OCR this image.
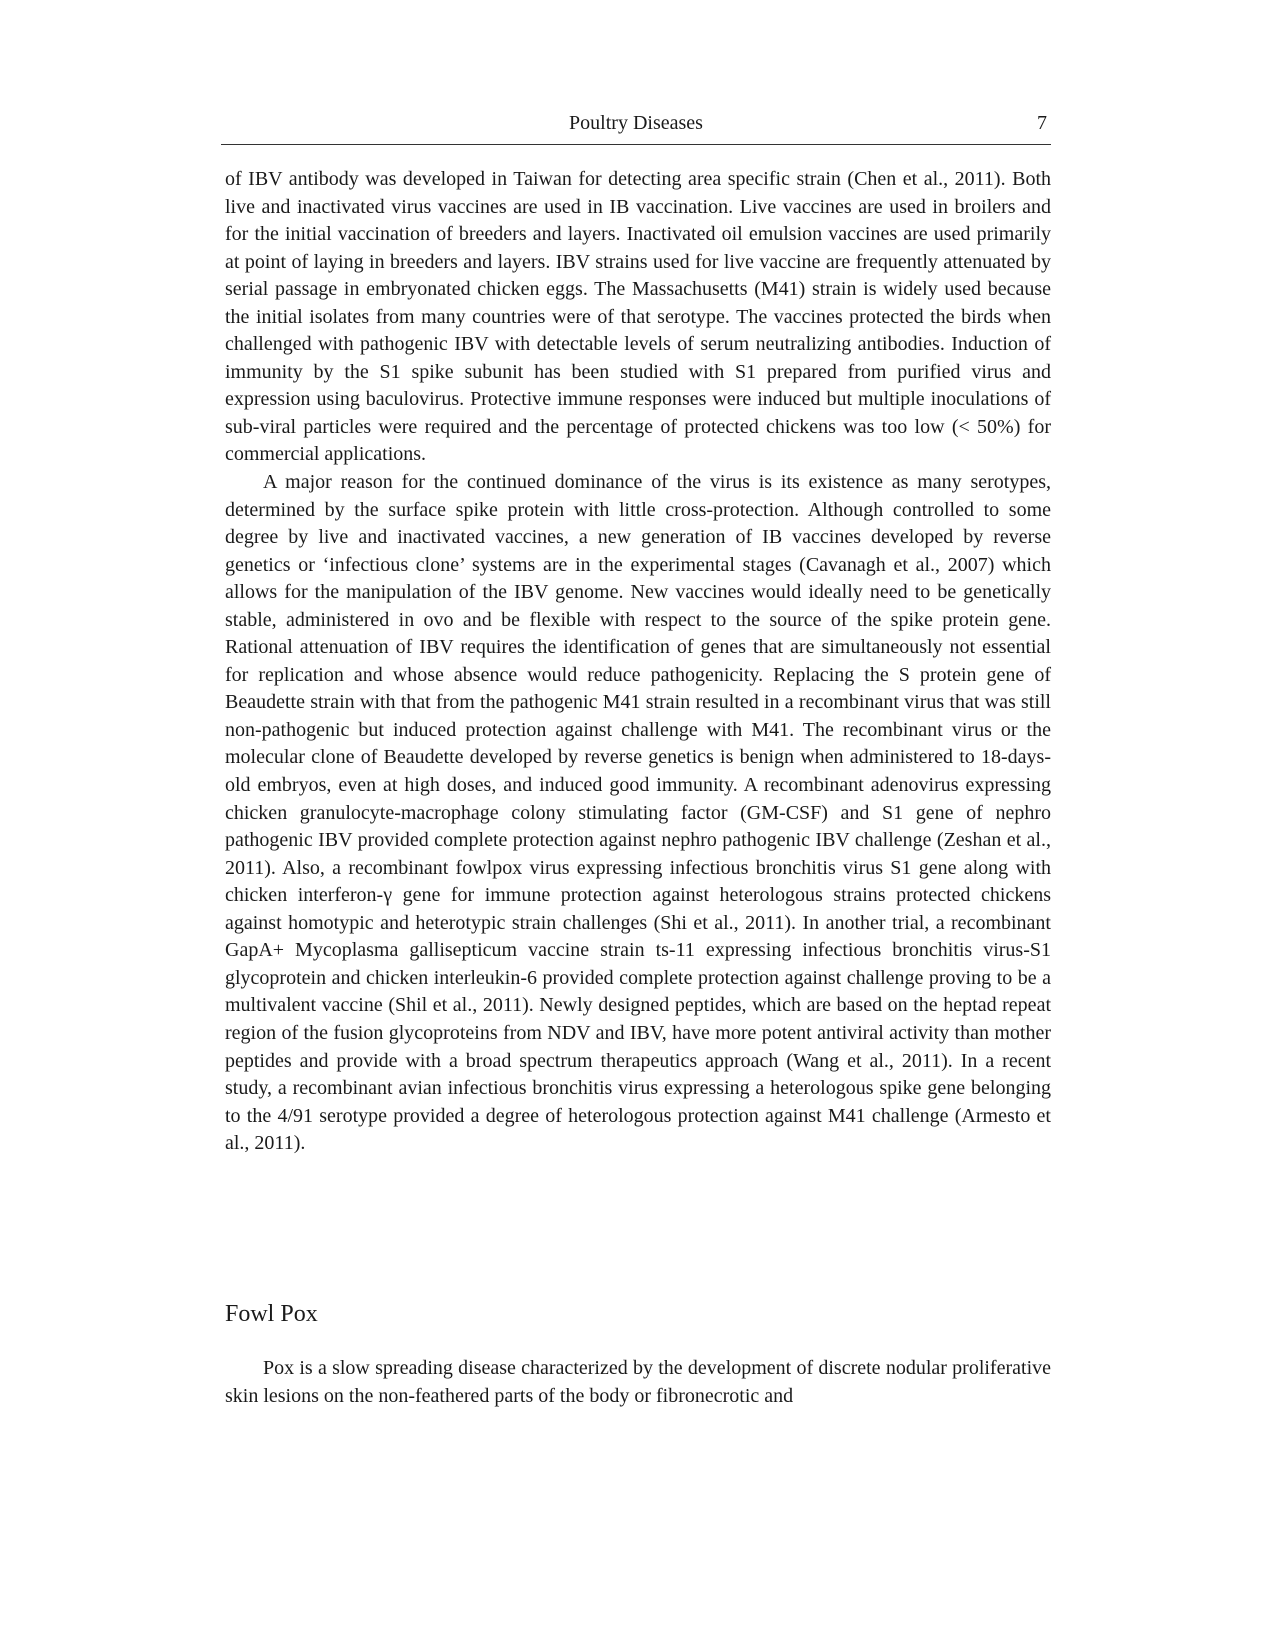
Poultry Diseases	7

of IBV antibody was developed in Taiwan for detecting area specific strain (Chen et al., 2011). Both live and inactivated virus vaccines are used in IB vaccination. Live vaccines are used in broilers and for the initial vaccination of breeders and layers. Inactivated oil emulsion vaccines are used primarily at point of laying in breeders and layers. IBV strains used for live vaccine are frequently attenuated by serial passage in embryonated chicken eggs. The Massachusetts (M41) strain is widely used because the initial isolates from many countries were of that serotype. The vaccines protected the birds when challenged with pathogenic IBV with detectable levels of serum neutralizing antibodies. Induction of immunity by the S1 spike subunit has been studied with S1 prepared from purified virus and expression using baculovirus. Protective immune responses were induced but multiple inoculations of sub-viral particles were required and the percentage of protected chickens was too low (< 50%) for commercial applications.

A major reason for the continued dominance of the virus is its existence as many serotypes, determined by the surface spike protein with little cross-protection. Although controlled to some degree by live and inactivated vaccines, a new generation of IB vaccines developed by reverse genetics or ‘infectious clone’ systems are in the experimental stages (Cavanagh et al., 2007) which allows for the manipulation of the IBV genome. New vaccines would ideally need to be genetically stable, administered in ovo and be flexible with respect to the source of the spike protein gene. Rational attenuation of IBV requires the identification of genes that are simultaneously not essential for replication and whose absence would reduce pathogenicity. Replacing the S protein gene of Beaudette strain with that from the pathogenic M41 strain resulted in a recombinant virus that was still non-pathogenic but induced protection against challenge with M41. The recombinant virus or the molecular clone of Beaudette developed by reverse genetics is benign when administered to 18-days-old embryos, even at high doses, and induced good immunity. A recombinant adenovirus expressing chicken granulocyte-macrophage colony stimulating factor (GM-CSF) and S1 gene of nephro pathogenic IBV provided complete protection against nephro pathogenic IBV challenge (Zeshan et al., 2011). Also, a recombinant fowlpox virus expressing infectious bronchitis virus S1 gene along with chicken interferon-γ gene for immune protection against heterologous strains protected chickens against homotypic and heterotypic strain challenges (Shi et al., 2011). In another trial, a recombinant GapA+ Mycoplasma gallisepticum vaccine strain ts-11 expressing infectious bronchitis virus-S1 glycoprotein and chicken interleukin-6 provided complete protection against challenge proving to be a multivalent vaccine (Shil et al., 2011). Newly designed peptides, which are based on the heptad repeat region of the fusion glycoproteins from NDV and IBV, have more potent antiviral activity than mother peptides and provide with a broad spectrum therapeutics approach (Wang et al., 2011). In a recent study, a recombinant avian infectious bronchitis virus expressing a heterologous spike gene belonging to the 4/91 serotype provided a degree of heterologous protection against M41 challenge (Armesto et al., 2011).

Fowl Pox

Pox is a slow spreading disease characterized by the development of discrete nodular proliferative skin lesions on the non-feathered parts of the body or fibronecrotic and
